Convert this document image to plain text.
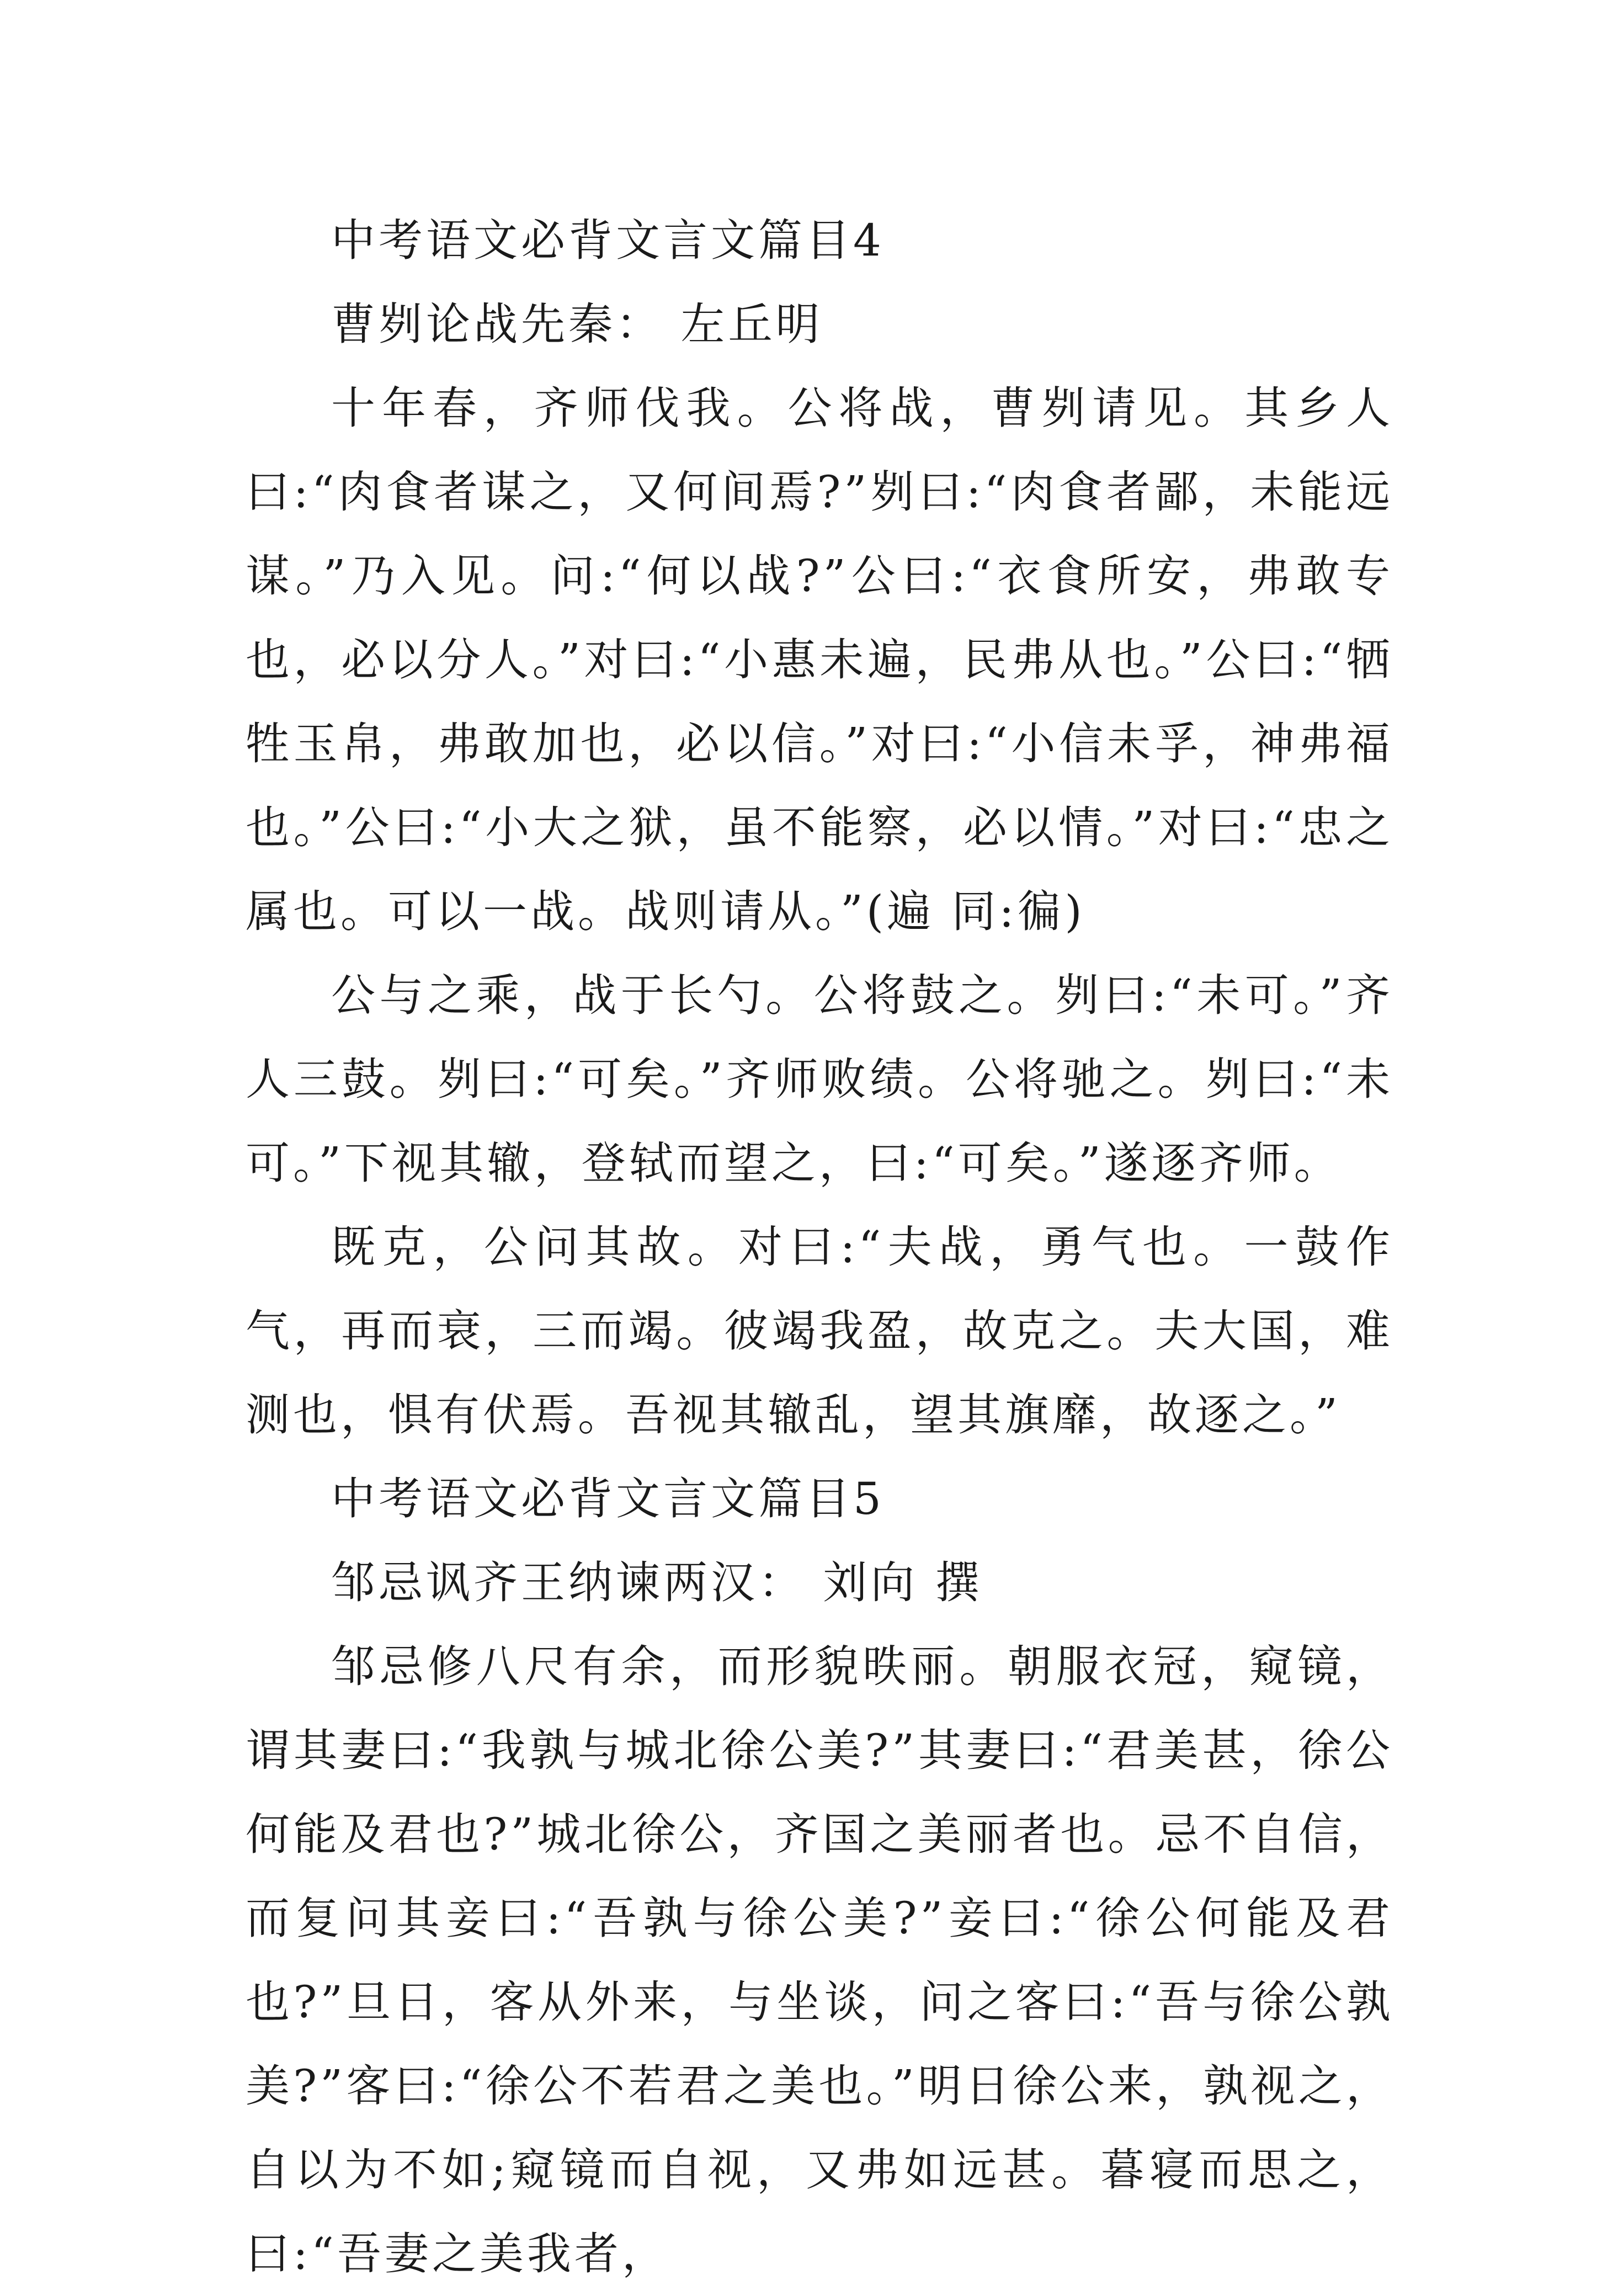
中考语文必背文言文篇目4
曹刿论战先秦： 左丘明

十年春，齐师伐我。公将战，曹刿请见。其乡人曰:“肉食者谋之，又何间焉?”刿曰:“肉食者鄙，未能远谋。”乃入见。问:“何以战?”公曰:“衣食所安，弗敢专也，必以分人。”对曰:“小惠未遍，民弗从也。”公曰:“牺牲玉帛，弗敢加也，必以信。”对曰:“小信未孚，神弗福也。”公曰:“小大之狱，虽不能察，必以情。”对曰:“忠之属也。可以一战。战则请从。”(遍 同:徧)

公与之乘，战于长勺。公将鼓之。刿曰:“未可。”齐人三鼓。刿曰:“可矣。”齐师败绩。公将驰之。刿曰:“未可。”下视其辙，登轼而望之，曰:“可矣。”遂逐齐师。

既克，公问其故。对曰:“夫战，勇气也。一鼓作气，再而衰，三而竭。彼竭我盈，故克之。夫大国，难测也，惧有伏焉。吾视其辙乱，望其旗靡，故逐之。”

中考语文必背文言文篇目5
邹忌讽齐王纳谏两汉： 刘向 撰

邹忌修八尺有余，而形貌昳丽。朝服衣冠，窥镜，谓其妻曰:“我孰与城北徐公美?”其妻曰:“君美甚，徐公何能及君也?”城北徐公，齐国之美丽者也。忌不自信，而复问其妾曰:“吾孰与徐公美?”妾曰:“徐公何能及君也?”旦日，客从外来，与坐谈，问之客曰:“吾与徐公孰美?”客曰:“徐公不若君之美也。”明日徐公来，孰视之，自以为不如;窥镜而自视，又弗如远甚。暮寝而思之，曰:“吾妻之美我者，
